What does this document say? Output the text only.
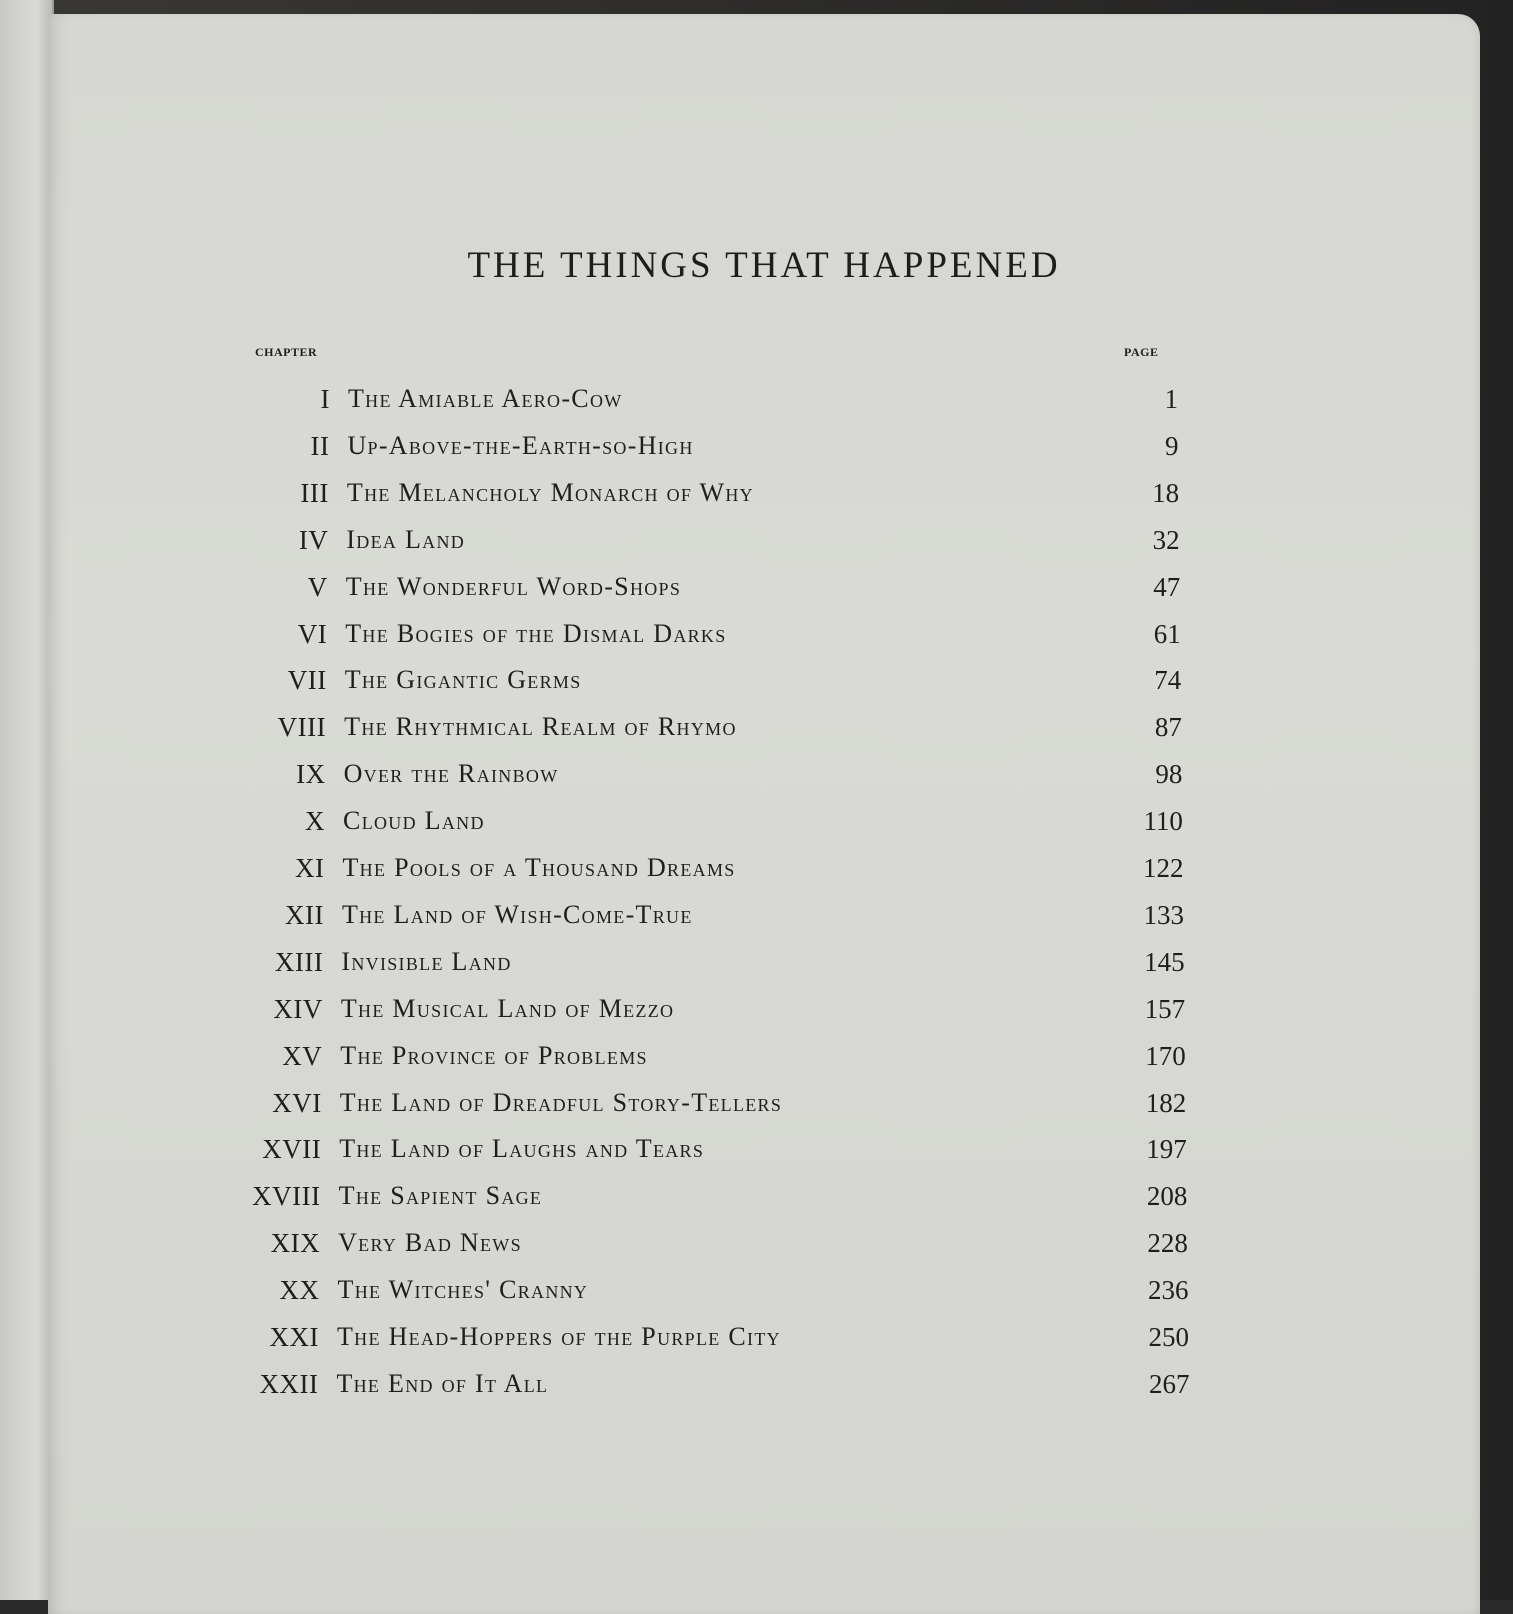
THE THINGS THAT HAPPENED
chapter	page
I The Amiable Aero-Cow	1
II Up-Above-the-Earth-so-High	9
III The Melancholy Monarch of Why	18
IV Idea Land	32
V The Wonderful Word-Shops	47
VI The Bogies of the Dismal Darks	61
VII The Gigantic Germs	74
VIII The Rhythmical Realm of Rhymo	87
IX Over the Rainbow	98
X Cloud Land	110
XI The Pools of a Thousand Dreams	122
XII The Land of Wish-Come-True	133
XIII Invisible Land	145
XIV The Musical Land of Mezzo	157
XV The Province of Problems	170
XVI The Land of Dreadful Story-Tellers	182
XVII The Land of Laughs and Tears	197
XVIII The Sapient Sage	208
XIX Very Bad News	228
XX The Witches' Cranny	236
XXI The Head-Hoppers of the Purple City	250
XXII The End of It All	267
